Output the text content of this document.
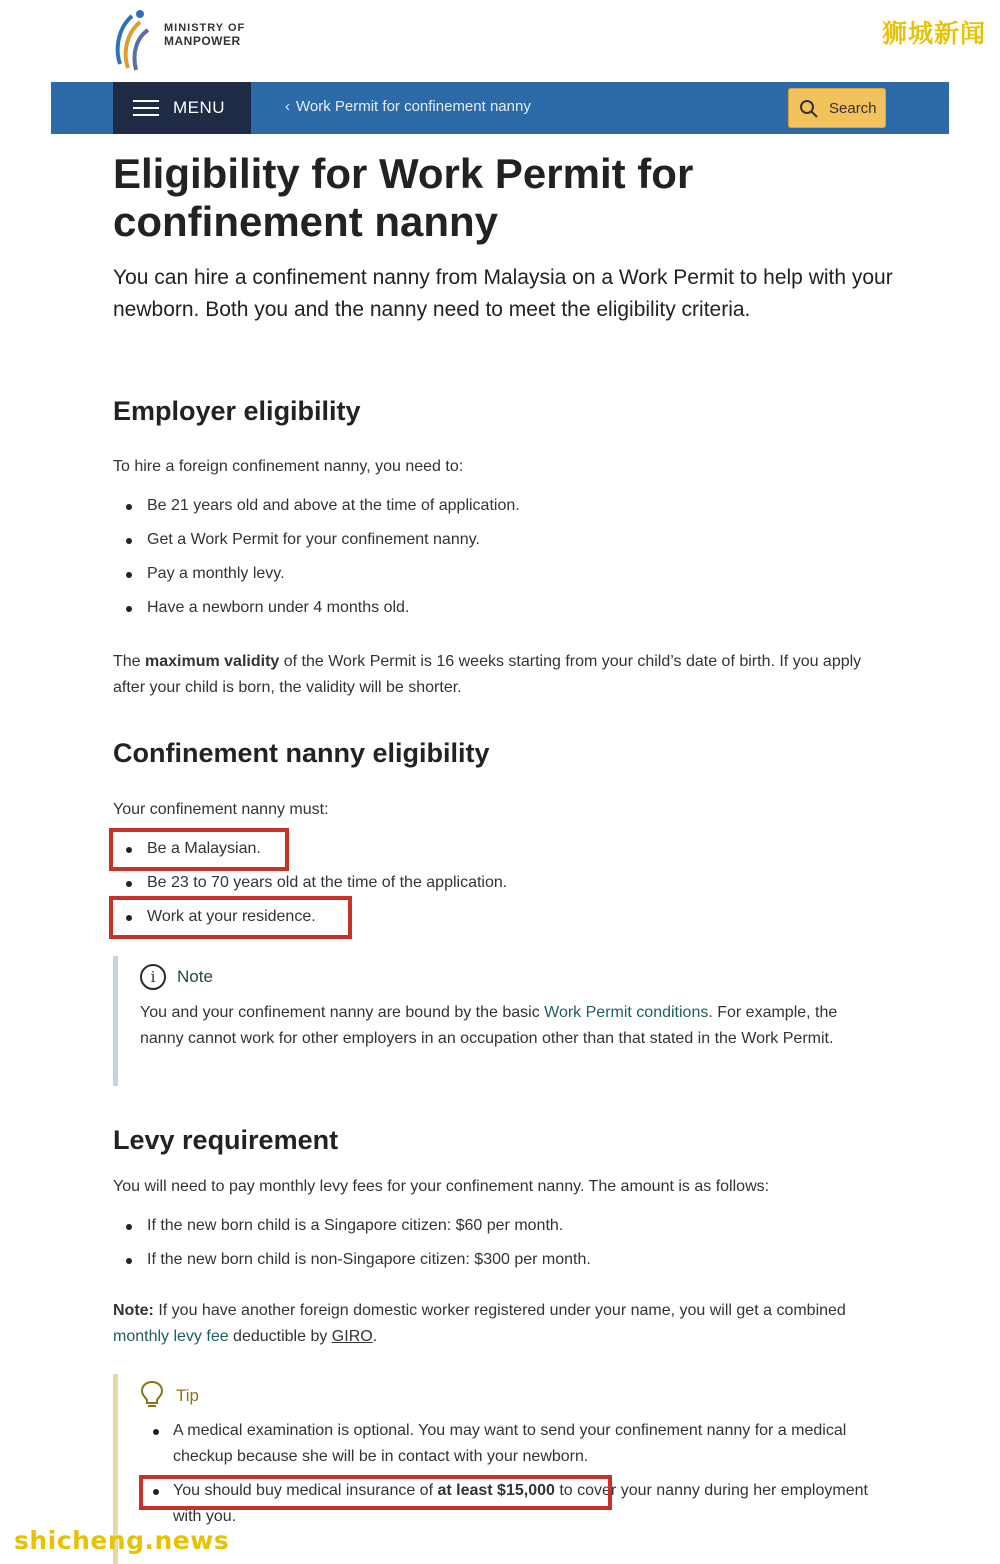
MINISTRY OF
MANPOWER	狮城新闻
MENU	‹ Work Permit for confinement nanny	Search
Eligibility for Work Permit for confinement nanny

You can hire a confinement nanny from Malaysia on a Work Permit to help with your newborn. Both you and the nanny need to meet the eligibility criteria.

Employer eligibility

To hire a foreign confinement nanny, you need to:

Be 21 years old and above at the time of application.
Get a Work Permit for your confinement nanny.
Pay a monthly levy.
Have a newborn under 4 months old.

The maximum validity of the Work Permit is 16 weeks starting from your child’s date of birth. If you apply after your child is born, the validity will be shorter.

Confinement nanny eligibility

Your confinement nanny must:

Be a Malaysian.
Be 23 to 70 years old at the time of the application.
Work at your residence.
i	Note
You and your confinement nanny are bound by the basic Work Permit conditions. For example, the nanny cannot work for other employers in an occupation other than that stated in the Work Permit.
Levy requirement

You will need to pay monthly levy fees for your confinement nanny. The amount is as follows:

If the new born child is a Singapore citizen: $60 per month.
If the new born child is non-Singapore citizen: $300 per month.

Note: If you have another foreign domestic worker registered under your name, you will get a combined monthly levy fee deductible by GIRO.

Tip
A medical examination is optional. You may want to send your confinement nanny for a medical checkup because she will be in contact with your newborn.
You should buy medical insurance of at least $15,000 to cover your nanny during her employment with you.
shicheng.news
